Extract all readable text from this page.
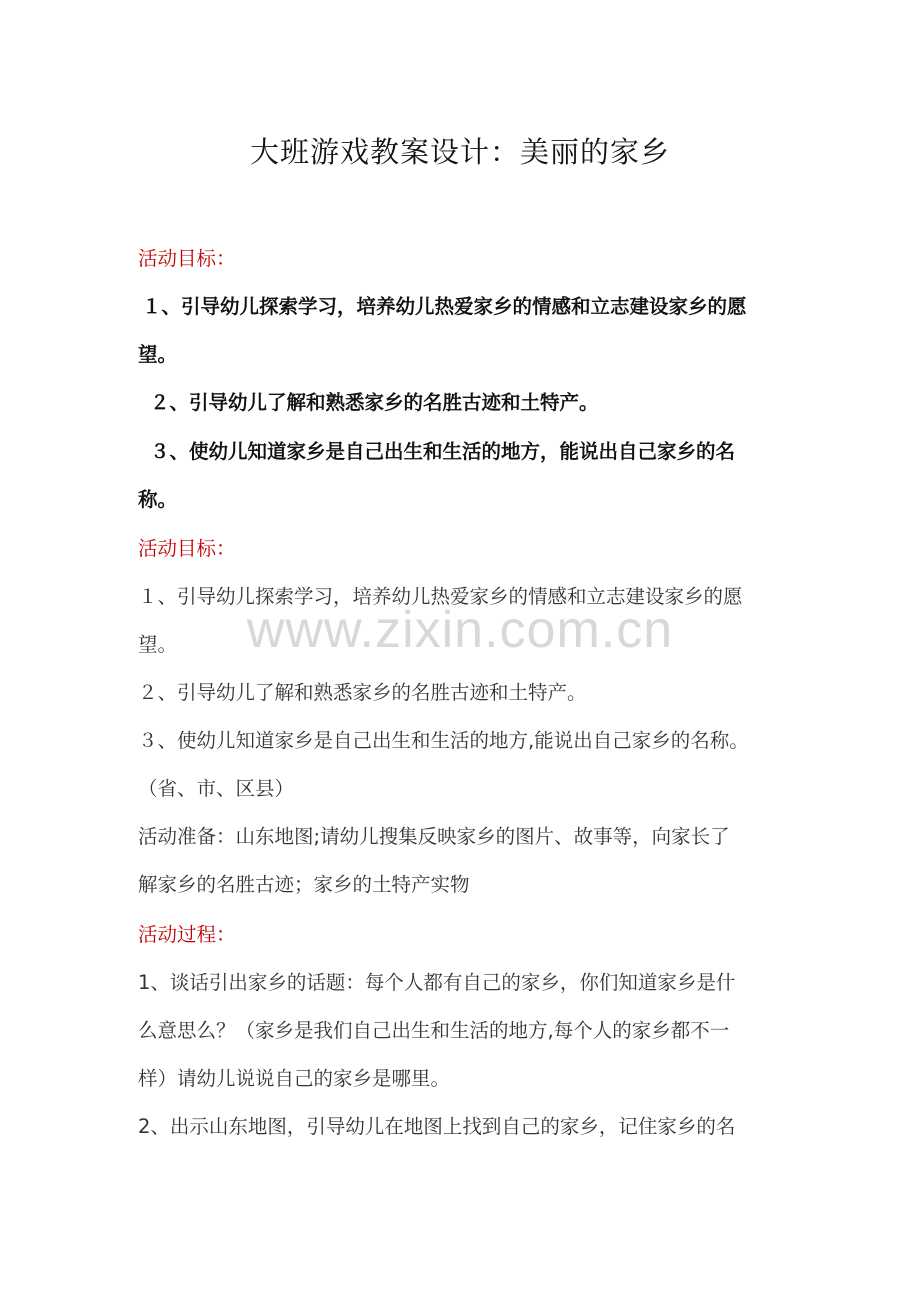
www.zixin.com.cn
大班游戏教案设计：美丽的家乡
活动目标：
１、引导幼儿探索学习，培养幼儿热爱家乡的情感和立志建设家乡的愿
望。
２、引导幼儿了解和熟悉家乡的名胜古迹和土特产。
３、使幼儿知道家乡是自己出生和生活的地方，能说出自己家乡的名
称。
活动目标：
１、引导幼儿探索学习，培养幼儿热爱家乡的情感和立志建设家乡的愿
望。
２、引导幼儿了解和熟悉家乡的名胜古迹和土特产。
３、使幼儿知道家乡是自己出生和生活的地方,能说出自己家乡的名称。
（省、市、区县）
活动准备：山东地图;请幼儿搜集反映家乡的图片、故事等，向家长了
解家乡的名胜古迹；家乡的土特产实物
活动过程：
1、谈话引出家乡的话题：每个人都有自己的家乡，你们知道家乡是什
么意思么？（家乡是我们自己出生和生活的地方,每个人的家乡都不一
样）请幼儿说说自己的家乡是哪里。
2、出示山东地图，引导幼儿在地图上找到自己的家乡，记住家乡的名
